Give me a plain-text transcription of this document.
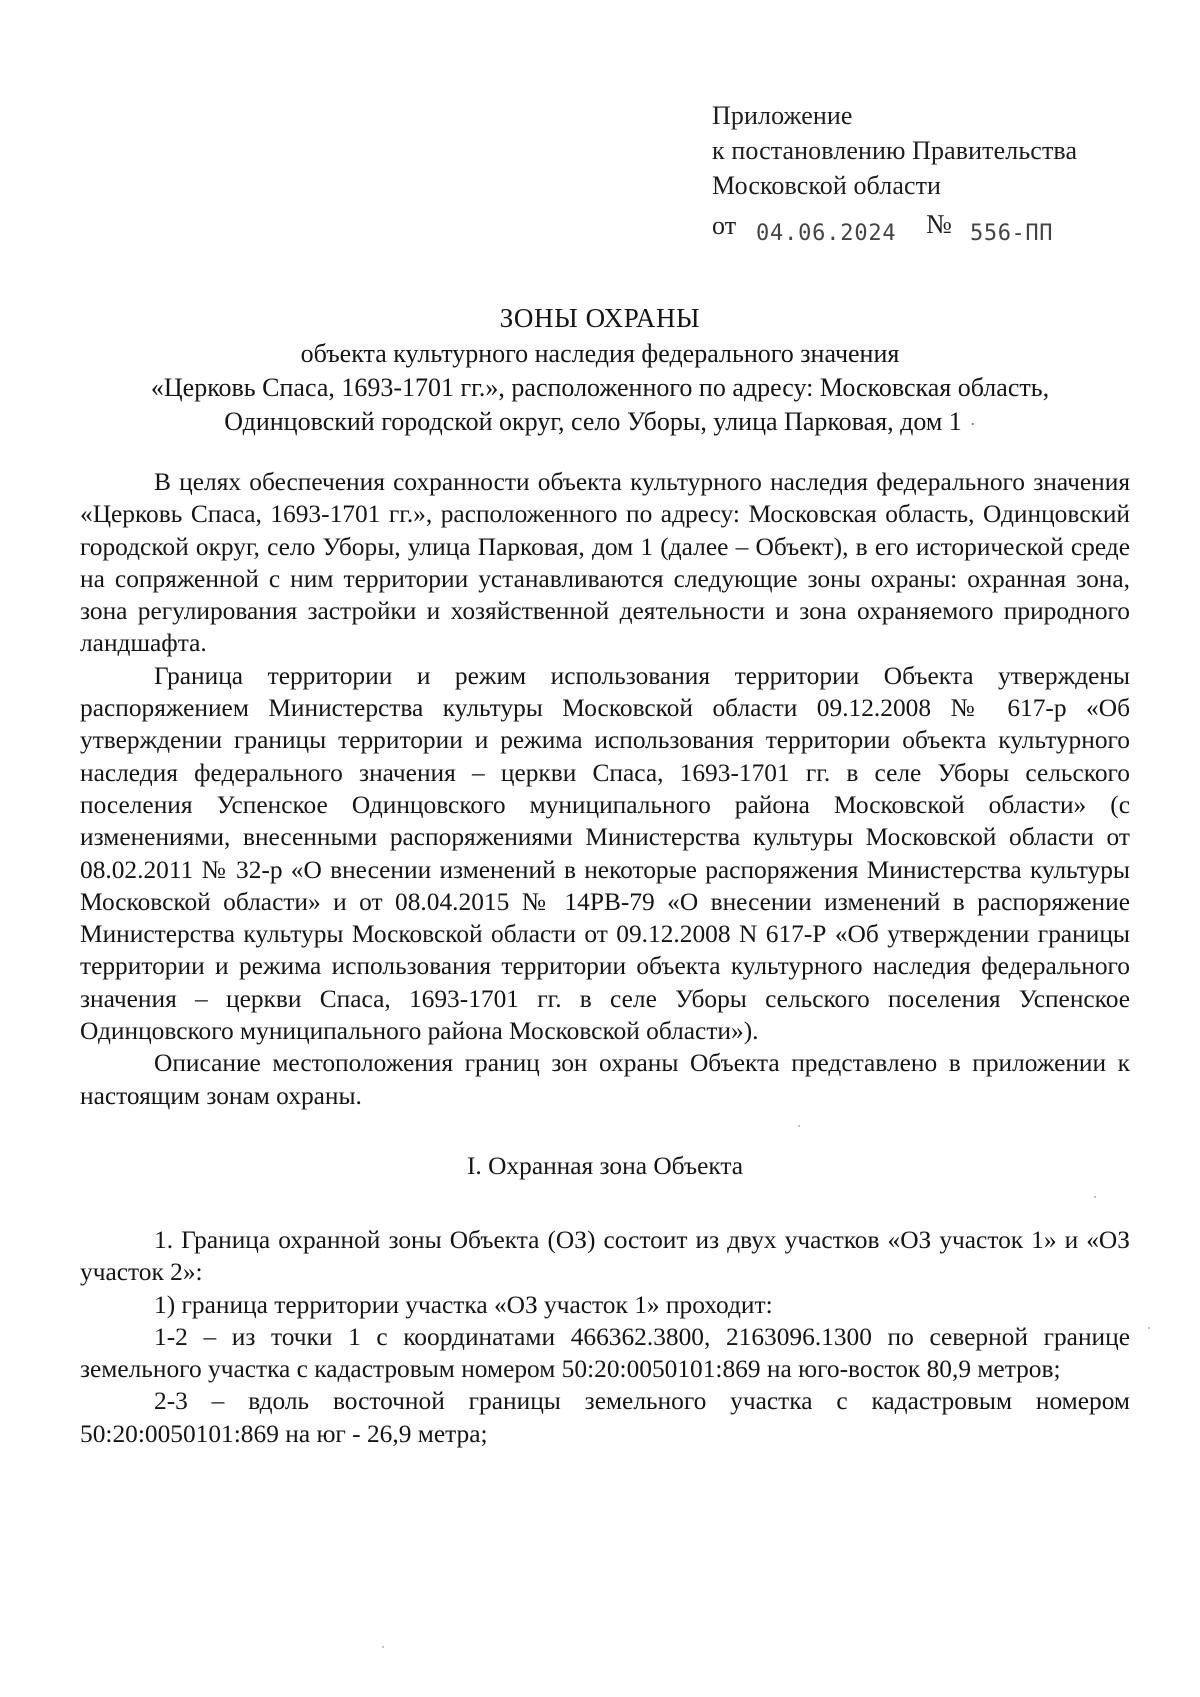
Приложение
к постановлению Правительства
Московской области
от 04.06.2024 № 556-ПП
ЗОНЫ ОХРАНЫ
объекта культурного наследия федерального значения
«Церковь Спаса, 1693-1701 гг.», расположенного по адресу: Московская область,
Одинцовский городской округ, село Уборы, улица Парковая, дом 1 ·

В целях обеспечения сохранности объекта культурного наследия федерального значения «Церковь Спаса, 1693-1701 гг.», расположенного по адресу: Московская область, Одинцовский городской округ, село Уборы, улица Парковая, дом 1 (далее – Объект), в его исторической среде на сопряженной с ним территории устанавливаются следующие зоны охраны: охранная зона, зона регулирования застройки и хозяйственной деятельности и зона охраняемого природного ландшафта.

Граница территории и режим использования территории Объекта утверждены распоряжением Министерства культуры Московской области 09.12.2008 № 617-р «Об утверждении границы территории и режима использования территории объекта культурного наследия федерального значения – церкви Спаса, 1693-1701 гг. в селе Уборы сельского поселения Успенское Одинцовского муниципального района Московской области» (с изменениями, внесенными распоряжениями Министерства культуры Московской области от 08.02.2011 № 32-р «О внесении изменений в некоторые распоряжения Министерства культуры Московской области» и от 08.04.2015 № 14РВ-79 «О внесении изменений в распоряжение Министерства культуры Московской области от 09.12.2008 N 617-Р «Об утверждении границы территории и режима использования территории объекта культурного наследия федерального значения – церкви Спаса, 1693-1701 гг. в селе Уборы сельского поселения Успенское Одинцовского муниципального района Московской области»).

Описание местоположения границ зон охраны Объекта представлено в приложении к настоящим зонам охраны.

I. Охранная зона Объекта

1. Граница охранной зоны Объекта (ОЗ) состоит из двух участков «ОЗ участок 1» и «ОЗ участок 2»:

1) граница территории участка «ОЗ участок 1» проходит:

1-2 – из точки 1 с координатами 466362.3800, 2163096.1300 по северной границе земельного участка с кадастровым номером 50:20:0050101:869 на юго-восток 80,9 метров;

2-3 – вдоль восточной границы земельного участка с кадастровым номером 50:20:0050101:869 на юг - 26,9 метра;
